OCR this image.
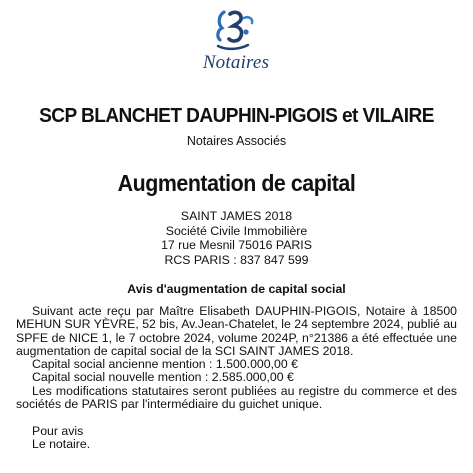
Notaires
SCP BLANCHET DAUPHIN-PIGOIS et VILAIRE
Notaires Associés
Augmentation de capital
SAINT JAMES 2018
Société Civile Immobilière
17 rue Mesnil 75016 PARIS
RCS PARIS : 837 847 599
Avis d'augmentation de capital social

Suivant acte reçu par Maître Elisabeth DAUPHIN-PIGOIS, Notaire à 18500 MEHUN SUR YÈVRE, 52 bis, Av.Jean-Chatelet, le 24 septembre 2024, publié au SPFE de NICE 1, le 7 octobre 2024, volume 2024P, n°21386 a été effectuée une augmentation de capital social de la SCI SAINT JAMES 2018.

Capital social ancienne mention : 1.500.000,00 €

Capital social nouvelle mention : 2.585.000,00 €

Les modifications statutaires seront publiées au registre du commerce et des sociétés de PARIS par l'intermédiaire du guichet unique.

Pour avis

Le notaire.
